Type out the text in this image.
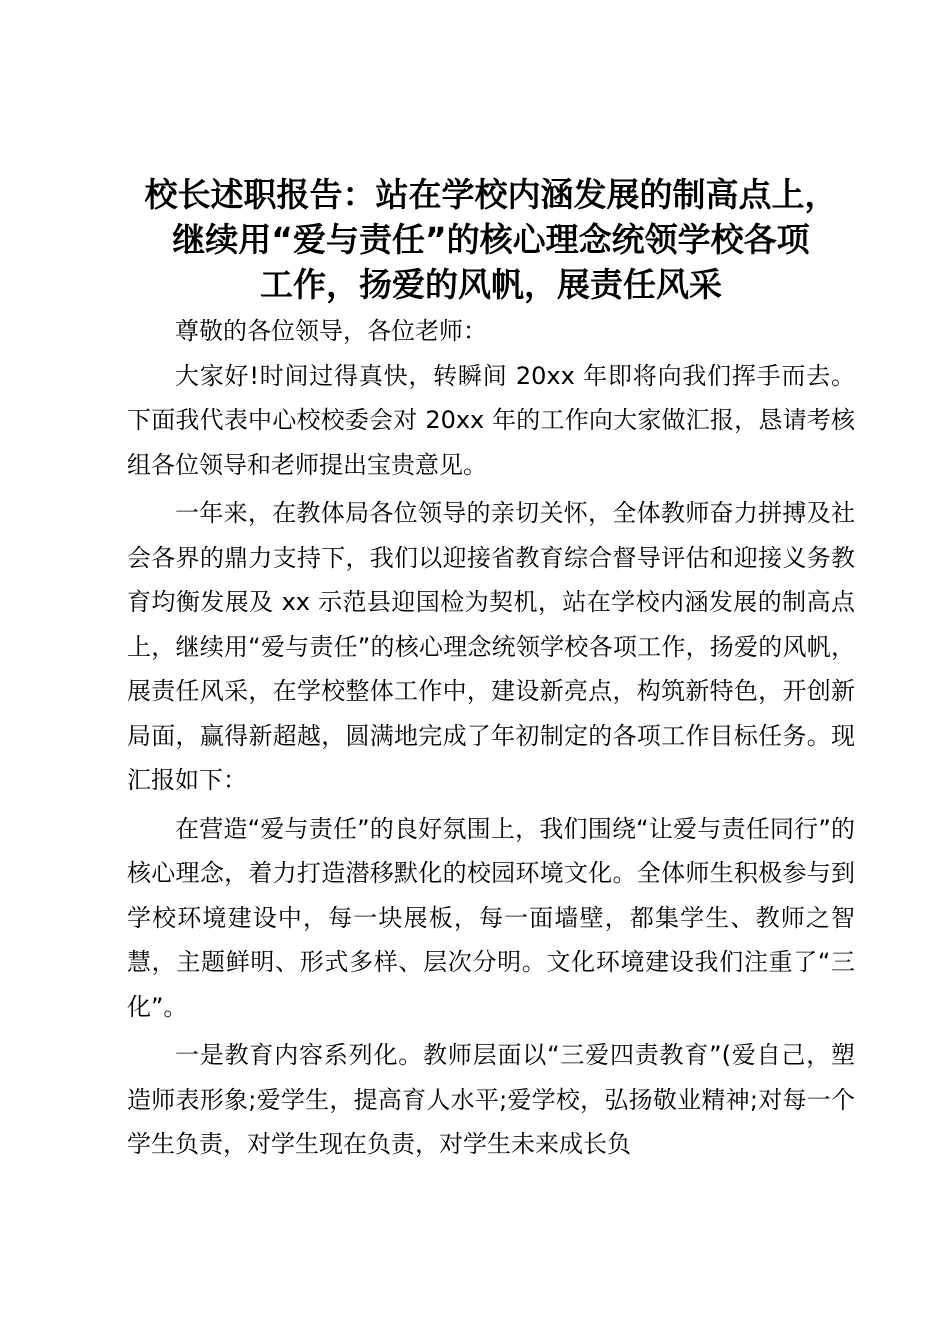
校长述职报告：站在学校内涵发展的制高点上，
继续用“爱与责任”的核心理念统领学校各项
工作，扬爱的风帆，展责任风采

尊敬的各位领导，各位老师：

大家好!时间过得真快，转瞬间 20xx 年即将向我们挥手而去。下面我代表中心校校委会对 20xx 年的工作向大家做汇报，恳请考核组各位领导和老师提出宝贵意见。

一年来，在教体局各位领导的亲切关怀，全体教师奋力拼搏及社会各界的鼎力支持下，我们以迎接省教育综合督导评估和迎接义务教育均衡发展及 xx 示范县迎国检为契机，站在学校内涵发展的制高点上，继续用“爱与责任”的核心理念统领学校各项工作，扬爱的风帆，展责任风采，在学校整体工作中，建设新亮点，构筑新特色，开创新局面，赢得新超越，圆满地完成了年初制定的各项工作目标任务。现汇报如下：

在营造“爱与责任”的良好氛围上，我们围绕“让爱与责任同行”的核心理念，着力打造潜移默化的校园环境文化。全体师生积极参与到学校环境建设中，每一块展板，每一面墙壁，都集学生、教师之智慧，主题鲜明、形式多样、层次分明。文化环境建设我们注重了“三化”。

一是教育内容系列化。教师层面以“三爱四责教育”(爱自己，塑造师表形象;爱学生，提高育人水平;爱学校，弘扬敬业精神;对每一个学生负责，对学生现在负责，对学生未来成长负
